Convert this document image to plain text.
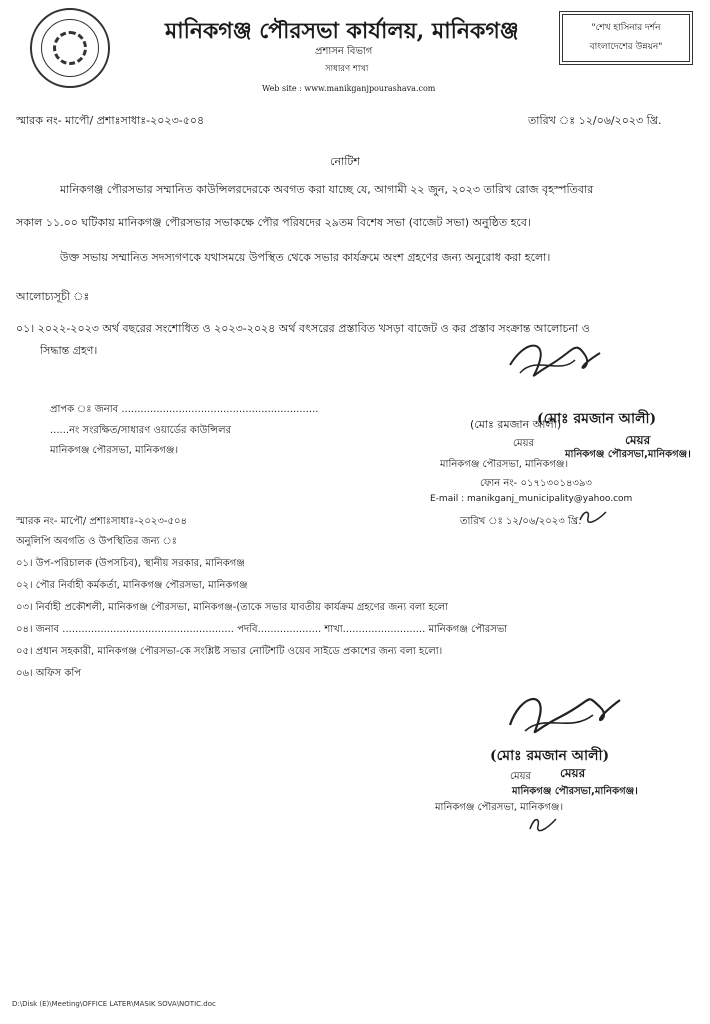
মানিকগঞ্জ পৌরসভা কার্যালয়, মানিকগঞ্জ
প্রশাসন বিভাগ
সাধারণ শাখা
Web site : www.manikganjpourashava.com
"শেখ হাসিনার দর্শন
বাংলাদেশের উন্নয়ন"
স্মারক নং- মাপৌ/ প্রশাঃসাধাঃ-২০২৩-৫০৪	তারিখ ঃ ১২/০৬/২০২৩ খ্রি.
নোটিশ
মানিকগঞ্জ পৌরসভার সম্মানিত কাউন্সিলরদেরকে অবগত করা যাচ্ছে যে, আগামী ২২ জুন, ২০২৩ তারিখ রোজ বৃহস্পতিবার
সকাল ১১.০০ ঘটিকায় মানিকগঞ্জ পৌরসভার সভাকক্ষে পৌর পরিষদের ২৯তম বিশেষ সভা (বাজেট সভা) অনুষ্ঠিত হবে।
উক্ত সভায় সম্মানিত সদস্যগণকে যথাসময়ে উপস্থিত থেকে সভার কার্যক্রমে অংশ গ্রহণের জন্য অনুরোধ করা হলো।
আলোচ্যসূচী ঃ
০১। ২০২২-২০২৩ অর্থ বছরের সংশোধিত ও ২০২৩-২০২৪ অর্থ বৎসরের প্রস্তাবিত খসড়া বাজেট ও কর প্রস্তাব সংক্রান্ত আলোচনা ও
সিদ্ধান্ত গ্রহণ।
প্রাপক ঃ জনাব ..............................................................
......নং সংরক্ষিত/সাধারণ ওয়ার্ডের কাউন্সিলর
মানিকগঞ্জ পৌরসভা, মানিকগঞ্জ।
(মোঃ রমজান আলী)
(মোঃ রমজান আলী)
মেয়র	মেয়র
মানিকগঞ্জ পৌরসভা, মানিকগঞ্জ।
মানিকগঞ্জ পৌরসভা,মানিকগঞ্জ।
ফোন নং- ০১৭১৩০১৪৩৯৩
E-mail : manikganj_municipality@yahoo.com
স্মারক নং- মাপৌ/ প্রশাঃসাধাঃ-২০২৩-৫০৪	তারিখ ঃ ১২/০৬/২০২৩ খ্রি.
অনুলিপি অবগতি ও উপস্থিতির জন্য ঃ
০১। উপ-পরিচালক (উপসচিব), স্থানীয় সরকার, মানিকগঞ্জ
০২। পৌর নির্বাহী কর্মকর্তা, মানিকগঞ্জ পৌরসভা, মানিকগঞ্জ
০৩। নির্বাহী প্রকৌশলী, মানিকগঞ্জ পৌরসভা, মানিকগঞ্জ-(তাকে সভার যাবতীয় কার্যক্রম গ্রহণের জন্য বলা হলো
০৪। জনাব ...................................................... পদবি.................... শাখা.......................... মানিকগঞ্জ পৌরসভা
০৫। প্রধান সহকারী, মানিকগঞ্জ পৌরসভা-কে সংশ্লিষ্ট সভার নোটিশটি ওয়েব সাইডে প্রকাশের জন্য বলা হলো।
০৬। অফিস কপি
(মোঃ রমজান আলী)
মেয়র মেয়র
মানিকগঞ্জ পৌরসভা,মানিকগঞ্জ।
মানিকগঞ্জ পৌরসভা, মানিকগঞ্জ।
D:\Disk (E)\Meeting\OFFICE LATER\MASIK SOVA\NOTIC.doc
